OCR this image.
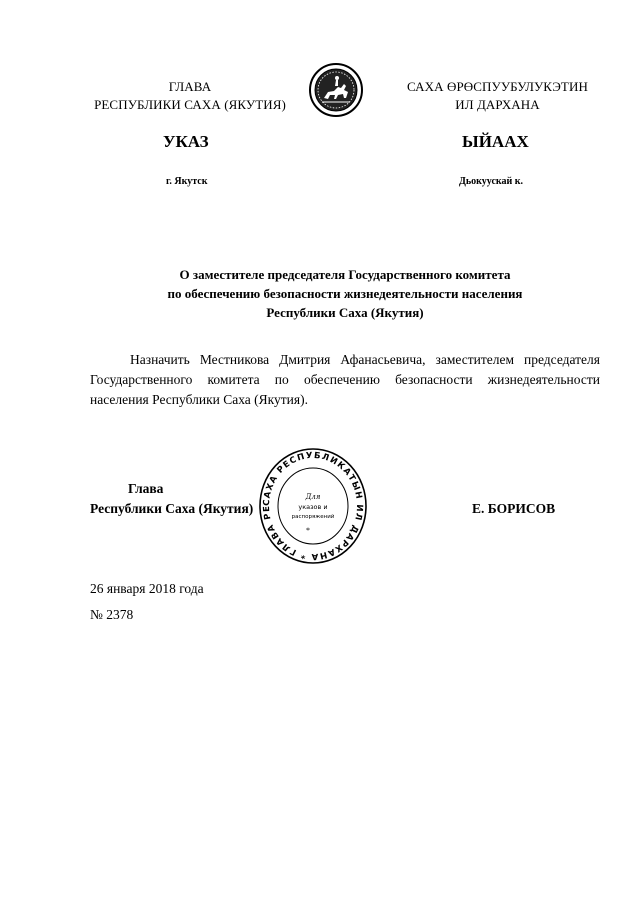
ГЛАВА
РЕСПУБЛИКИ САХА (ЯКУТИЯ)
САХА ӨРӨСПУУБУЛУКЭТИН
ИЛ ДАРХАНА
УКАЗ	ЫЙААХ
г. Якутск	Дьокуускай к.
О заместителе председателя Государственного комитета
по обеспечению безопасности жизнедеятельности населения
Республики Саха (Якутия)
Назначить Местникова Дмитрия Афанасьевича, заместителем председателя Государственного комитета по обеспечению безопасности жизнедеятельности населения Республики Саха (Якутия).
САХА РЕСПУБЛИКАТЫН ИЛ ДАРХАНА * ГЛАВА РЕ
Для
указов и
распоряжений
*
Глава
Республики Саха (Якутия)	Е. БОРИСОВ
26 января 2018 года
№ 2378
